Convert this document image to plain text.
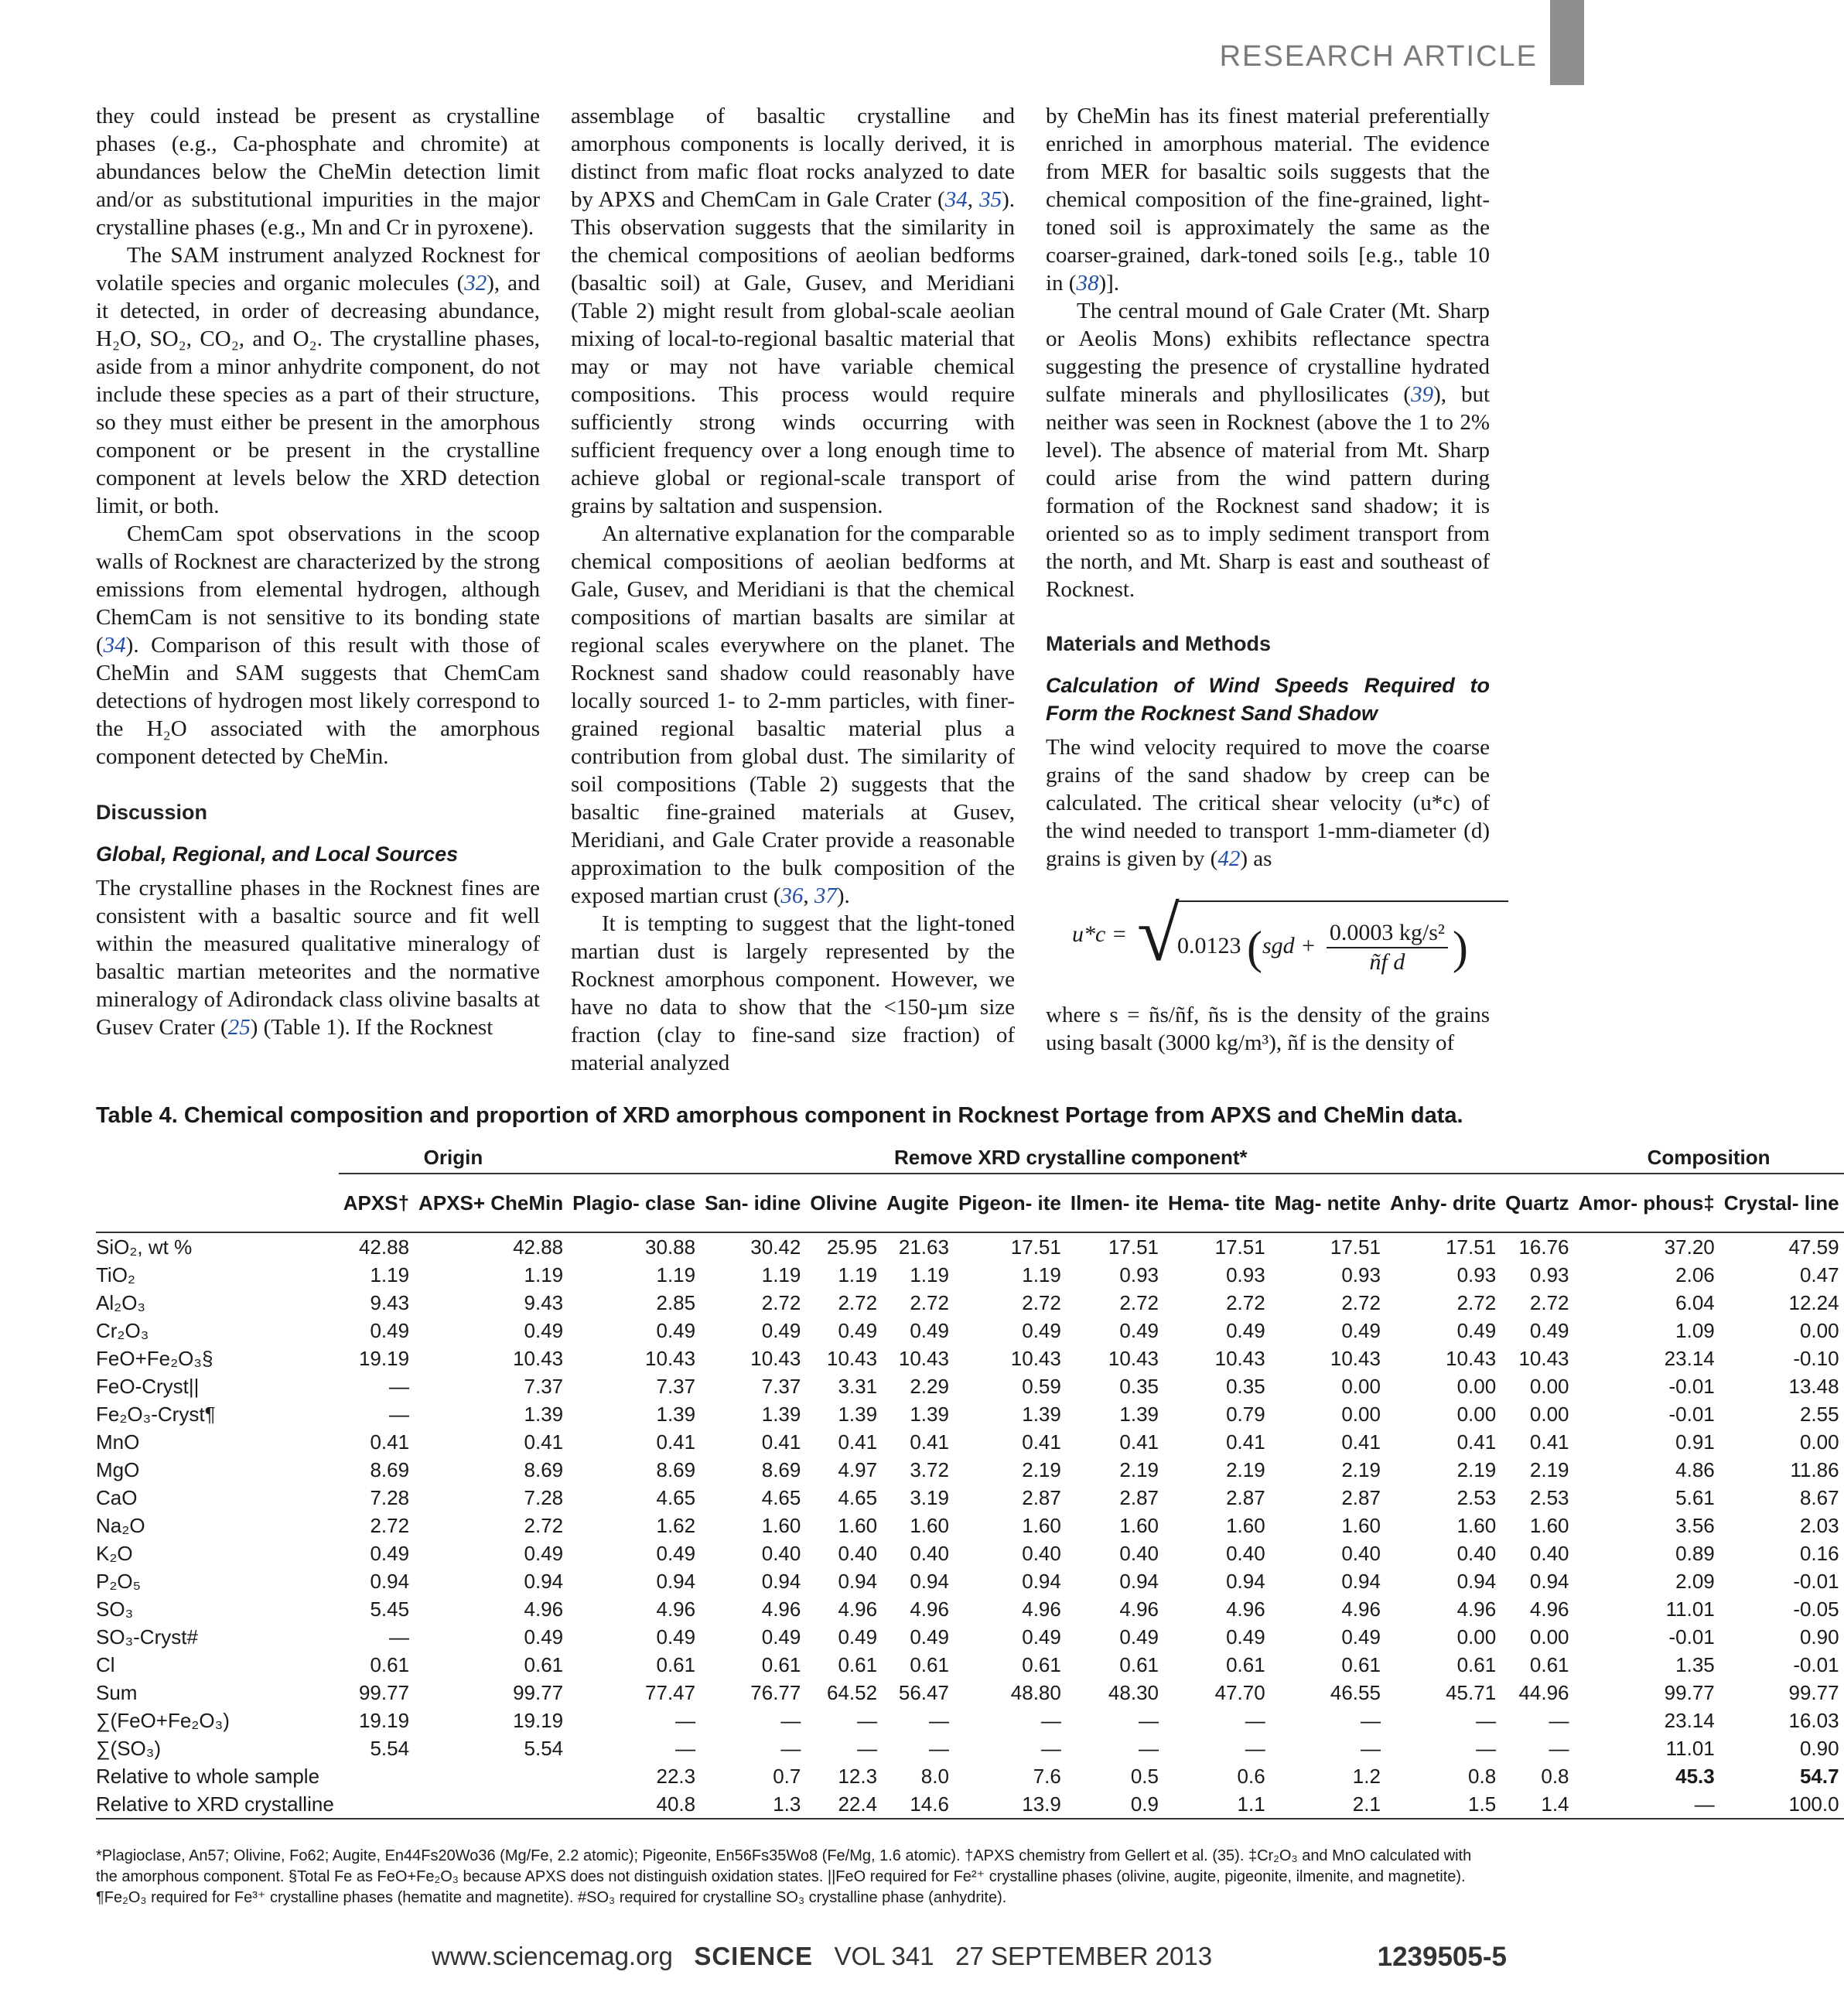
RESEARCH ARTICLE

they could instead be present as crystalline phases (e.g., Ca-phosphate and chromite) at abundances below the CheMin detection limit and/or as substitutional impurities in the major crystalline phases (e.g., Mn and Cr in pyroxene).

The SAM instrument analyzed Rocknest for volatile species and organic molecules (32), and it detected, in order of decreasing abundance, H₂O, SO₂, CO₂, and O₂. The crystalline phases, aside from a minor anhydrite component, do not include these species as a part of their structure, so they must either be present in the amorphous component or be present in the crystalline component at levels below the XRD detection limit, or both.

ChemCam spot observations in the scoop walls of Rocknest are characterized by the strong emissions from elemental hydrogen, although ChemCam is not sensitive to its bonding state (34). Comparison of this result with those of CheMin and SAM suggests that ChemCam detections of hydrogen most likely correspond to the H₂O associated with the amorphous component detected by CheMin.

Discussion
Global, Regional, and Local Sources

The crystalline phases in the Rocknest fines are consistent with a basaltic source and fit well within the measured qualitative mineralogy of basaltic martian meteorites and the normative mineralogy of Adirondack class olivine basalts at Gusev Crater (25) (Table 1). If the Rocknest

assemblage of basaltic crystalline and amorphous components is locally derived, it is distinct from mafic float rocks analyzed to date by APXS and ChemCam in Gale Crater (34, 35). This observation suggests that the similarity in the chemical compositions of aeolian bedforms (basaltic soil) at Gale, Gusev, and Meridiani (Table 2) might result from global-scale aeolian mixing of local-to-regional basaltic material that may or may not have variable chemical compositions. This process would require sufficiently strong winds occurring with sufficient frequency over a long enough time to achieve global or regional-scale transport of grains by saltation and suspension.

An alternative explanation for the comparable chemical compositions of aeolian bedforms at Gale, Gusev, and Meridiani is that the chemical compositions of martian basalts are similar at regional scales everywhere on the planet. The Rocknest sand shadow could reasonably have locally sourced 1- to 2-mm particles, with finer-grained regional basaltic material plus a contribution from global dust. The similarity of soil compositions (Table 2) suggests that the basaltic fine-grained materials at Gusev, Meridiani, and Gale Crater provide a reasonable approximation to the bulk composition of the exposed martian crust (36, 37).

It is tempting to suggest that the light-toned martian dust is largely represented by the Rocknest amorphous component. However, we have no data to show that the <150-µm size fraction (clay to fine-sand size fraction) of material analyzed

by CheMin has its finest material preferentially enriched in amorphous material. The evidence from MER for basaltic soils suggests that the chemical composition of the fine-grained, light-toned soil is approximately the same as the coarser-grained, dark-toned soils [e.g., table 10 in (38)].

The central mound of Gale Crater (Mt. Sharp or Aeolis Mons) exhibits reflectance spectra suggesting the presence of crystalline hydrated sulfate minerals and phyllosilicates (39), but neither was seen in Rocknest (above the 1 to 2% level). The absence of material from Mt. Sharp could arise from the wind pattern during formation of the Rocknest sand shadow; it is oriented so as to imply sediment transport from the north, and Mt. Sharp is east and southeast of Rocknest.

Materials and Methods
Calculation of Wind Speeds Required to Form the Rocknest Sand Shadow

The wind velocity required to move the coarse grains of the sand shadow by creep can be calculated. The critical shear velocity (u*c) of the wind needed to transport 1-mm-diameter (d) grains is given by (42) as

u*c = √
0.0123 ($sgd + \frac{\text{0.0003 kg/s²}}{\text{ñf d}}$ )

where s = ñs/ñf, ñs is the density of the grains using basalt (3000 kg/m³), ñf is the density of

Table 4. Chemical composition and proportion of XRD amorphous component in Rocknest Portage from APXS and CheMin data.
	Origin		Remove XRD crystalline component*										Composition	
	APXS†	APXS+ CheMin		Plagio- clase	San- idine	Olivine	Augite	Pigeon- ite	Ilmen- ite	Hema- tite	Mag- netite	Anhy- drite	Quartz		Amor- phous‡	Crystal- line
SiO₂, wt %	42.88	42.88		30.88	30.42	25.95	21.63	17.51	17.51	17.51	17.51	17.51	16.76		37.20	47.59
TiO₂	1.19	1.19		1.19	1.19	1.19	1.19	1.19	0.93	0.93	0.93	0.93	0.93		2.06	0.47
Al₂O₃	9.43	9.43		2.85	2.72	2.72	2.72	2.72	2.72	2.72	2.72	2.72	2.72		6.04	12.24
Cr₂O₃	0.49	0.49		0.49	0.49	0.49	0.49	0.49	0.49	0.49	0.49	0.49	0.49		1.09	0.00
FeO+Fe₂O₃§	19.19	10.43		10.43	10.43	10.43	10.43	10.43	10.43	10.43	10.43	10.43	10.43		23.14	-0.10
FeO-Cryst||	—	7.37		7.37	7.37	3.31	2.29	0.59	0.35	0.35	0.00	0.00	0.00		-0.01	13.48
Fe₂O₃-Cryst¶	—	1.39		1.39	1.39	1.39	1.39	1.39	1.39	0.79	0.00	0.00	0.00		-0.01	2.55
MnO	0.41	0.41		0.41	0.41	0.41	0.41	0.41	0.41	0.41	0.41	0.41	0.41		0.91	0.00
MgO	8.69	8.69		8.69	8.69	4.97	3.72	2.19	2.19	2.19	2.19	2.19	2.19		4.86	11.86
CaO	7.28	7.28		4.65	4.65	4.65	3.19	2.87	2.87	2.87	2.87	2.53	2.53		5.61	8.67
Na₂O	2.72	2.72		1.62	1.60	1.60	1.60	1.60	1.60	1.60	1.60	1.60	1.60		3.56	2.03
K₂O	0.49	0.49		0.49	0.40	0.40	0.40	0.40	0.40	0.40	0.40	0.40	0.40		0.89	0.16
P₂O₅	0.94	0.94		0.94	0.94	0.94	0.94	0.94	0.94	0.94	0.94	0.94	0.94		2.09	-0.01
SO₃	5.45	4.96		4.96	4.96	4.96	4.96	4.96	4.96	4.96	4.96	4.96	4.96		11.01	-0.05
SO₃-Cryst#	—	0.49		0.49	0.49	0.49	0.49	0.49	0.49	0.49	0.49	0.00	0.00		-0.01	0.90
Cl	0.61	0.61		0.61	0.61	0.61	0.61	0.61	0.61	0.61	0.61	0.61	0.61		1.35	-0.01
Sum	99.77	99.77		77.47	76.77	64.52	56.47	48.80	48.30	47.70	46.55	45.71	44.96		99.77	99.77
∑(FeO+Fe₂O₃)	19.19	19.19		—	—	—	—	—	—	—	—	—	—		23.14	16.03
∑(SO₃)	5.54	5.54		—	—	—	—	—	—	—	—	—	—		11.01	0.90
Relative to whole sample				22.3	0.7	12.3	8.0	7.6	0.5	0.6	1.2	0.8	0.8		45.3	54.7
Relative to XRD crystalline				40.8	1.3	22.4	14.6	13.9	0.9	1.1	2.1	1.5	1.4		—	100.0
*Plagioclase, An57; Olivine, Fo62; Augite, En44Fs20Wo36 (Mg/Fe, 2.2 atomic); Pigeonite, En56Fs35Wo8 (Fe/Mg, 1.6 atomic). †APXS chemistry from Gellert et al. (35). ‡Cr₂O₃ and MnO calculated with the amorphous component. §Total Fe as FeO+Fe₂O₃ because APXS does not distinguish oxidation states. ||FeO required for Fe²⁺ crystalline phases (olivine, augite, pigeonite, ilmenite, and magnetite). ¶Fe₂O₃ required for Fe³⁺ crystalline phases (hematite and magnetite). #SO₃ required for crystalline SO₃ crystalline phase (anhydrite).
www.sciencemag.org SCIENCE VOL 341 27 SEPTEMBER 2013	1239505-5
